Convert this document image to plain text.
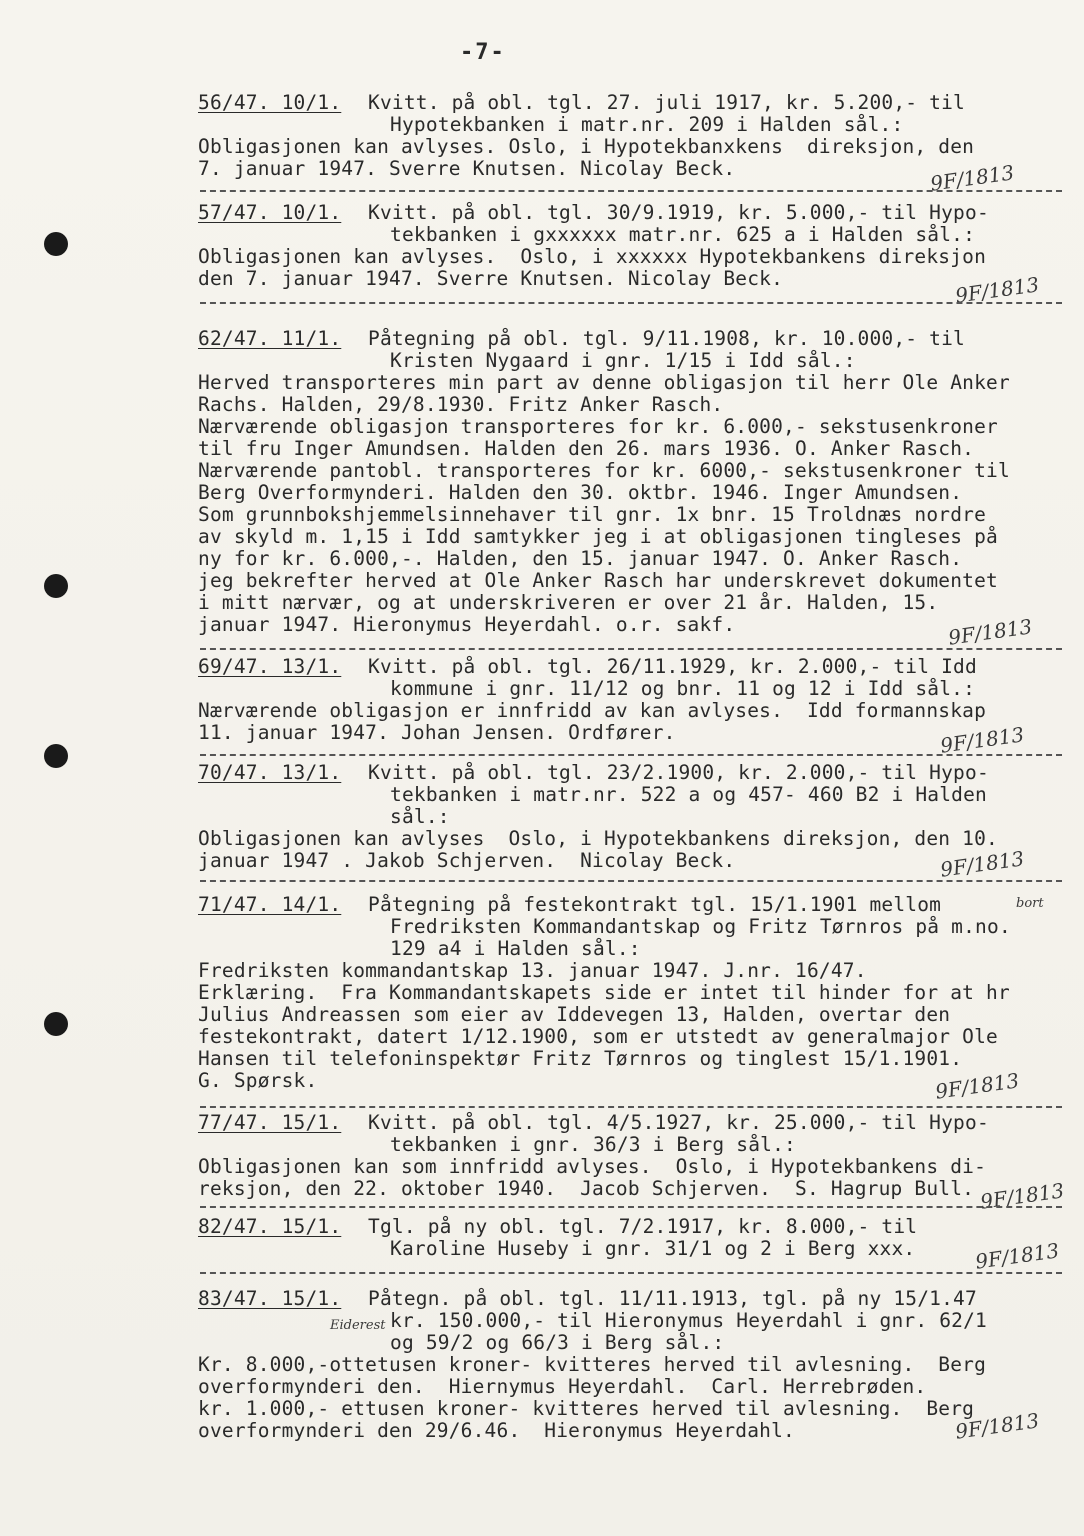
-7-
56/47. 10/1.	Kvitt. på obl. tgl. 27. juli 1917, kr. 5.200,- til
Hypotekbanken i matr.nr. 209 i Halden sål.:
Obligasjonen kan avlyses. Oslo, i Hypotekbanxkens  direksjon, den
7. januar 1947. Sverre Knutsen. Nicolay Beck.	9F/1813
57/47. 10/1.	Kvitt. på obl. tgl. 30/9.1919, kr. 5.000,- til Hypo-
tekbanken i gxxxxxx matr.nr. 625 a i Halden sål.:
Obligasjonen kan avlyses.  Oslo, i xxxxxx Hypotekbankens direksjon
den 7. januar 1947. Sverre Knutsen. Nicolay Beck.	9F/1813
62/47. 11/1.	Påtegning på obl. tgl. 9/11.1908, kr. 10.000,- til
Kristen Nygaard i gnr. 1/15 i Idd sål.:
Herved transporteres min part av denne obligasjon til herr Ole Anker
Rachs. Halden, 29/8.1930. Fritz Anker Rasch.
Nærværende obligasjon transporteres for kr. 6.000,- sekstusenkroner
til fru Inger Amundsen. Halden den 26. mars 1936. O. Anker Rasch.
Nærværende pantobl. transporteres for kr. 6000,- sekstusenkroner til
Berg Overformynderi. Halden den 30. oktbr. 1946. Inger Amundsen.
Som grunnbokshjemmelsinnehaver til gnr. 1x bnr. 15 Troldnæs nordre
av skyld m. 1,15 i Idd samtykker jeg i at obligasjonen tingleses på
ny for kr. 6.000,-. Halden, den 15. januar 1947. O. Anker Rasch.
jeg bekrefter herved at Ole Anker Rasch har underskrevet dokumentet
i mitt nærvær, og at underskriveren er over 21 år. Halden, 15.
januar 1947. Hieronymus Heyerdahl. o.r. sakf.	9F/1813
69/47. 13/1.	Kvitt. på obl. tgl. 26/11.1929, kr. 2.000,- til Idd
kommune i gnr. 11/12 og bnr. 11 og 12 i Idd sål.:
Nærværende obligasjon er innfridd av kan avlyses.  Idd formannskap
11. januar 1947. Johan Jensen. Ordfører.	9F/1813
70/47. 13/1.	Kvitt. på obl. tgl. 23/2.1900, kr. 2.000,- til Hypo-
tekbanken i matr.nr. 522 a og 457- 460 B2 i Halden
sål.:
Obligasjonen kan avlyses  Oslo, i Hypotekbankens direksjon, den 10.
januar 1947 . Jakob Schjerven.  Nicolay Beck.	9F/1813
71/47. 14/1.	Påtegning på festekontrakt tgl. 15/1.1901 mellom
Fredriksten Kommandantskap og Fritz Tørnros på m.no.
129 a4 i Halden sål.:
Fredriksten kommandantskap 13. januar 1947. J.nr. 16/47.
Erklæring.  Fra Kommandantskapets side er intet til hinder for at hr
Julius Andreassen som eier av Iddevegen 13, Halden, overtar den
festekontrakt, datert 1/12.1900, som er utstedt av generalmajor Ole
Hansen til telefoninspektør Fritz Tørnros og tinglest 15/1.1901.
G. Spørsk.
bort
9F/1813
77/47. 15/1.	Kvitt. på obl. tgl. 4/5.1927, kr. 25.000,- til Hypo-
tekbanken i gnr. 36/3 i Berg sål.:
Obligasjonen kan som innfridd avlyses.  Oslo, i Hypotekbankens di-
reksjon, den 22. oktober 1940.  Jacob Schjerven.  S. Hagrup Bull. 9F/1813
82/47. 15/1.	Tgl. på ny obl. tgl. 7/2.1917, kr. 8.000,- til
Karoline Huseby i gnr. 31/1 og 2 i Berg xxx.	9F/1813
83/47. 15/1.	Påtegn. på obl. tgl. 11/11.1913, tgl. på ny 15/1.47
kr. 150.000,- til Hieronymus Heyerdahl i gnr. 62/1
og 59/2 og 66/3 i Berg sål.:
Kr. 8.000,-ottetusen kroner- kvitteres herved til avlesning.  Berg
overformynderi den.  Hiernymus Heyerdahl.  Carl. Herrebrøden.
kr. 1.000,- ettusen kroner- kvitteres herved til avlesning.  Berg
overformynderi den 29/6.46.  Hieronymus Heyerdahl.
Eiderest
9F/1813
